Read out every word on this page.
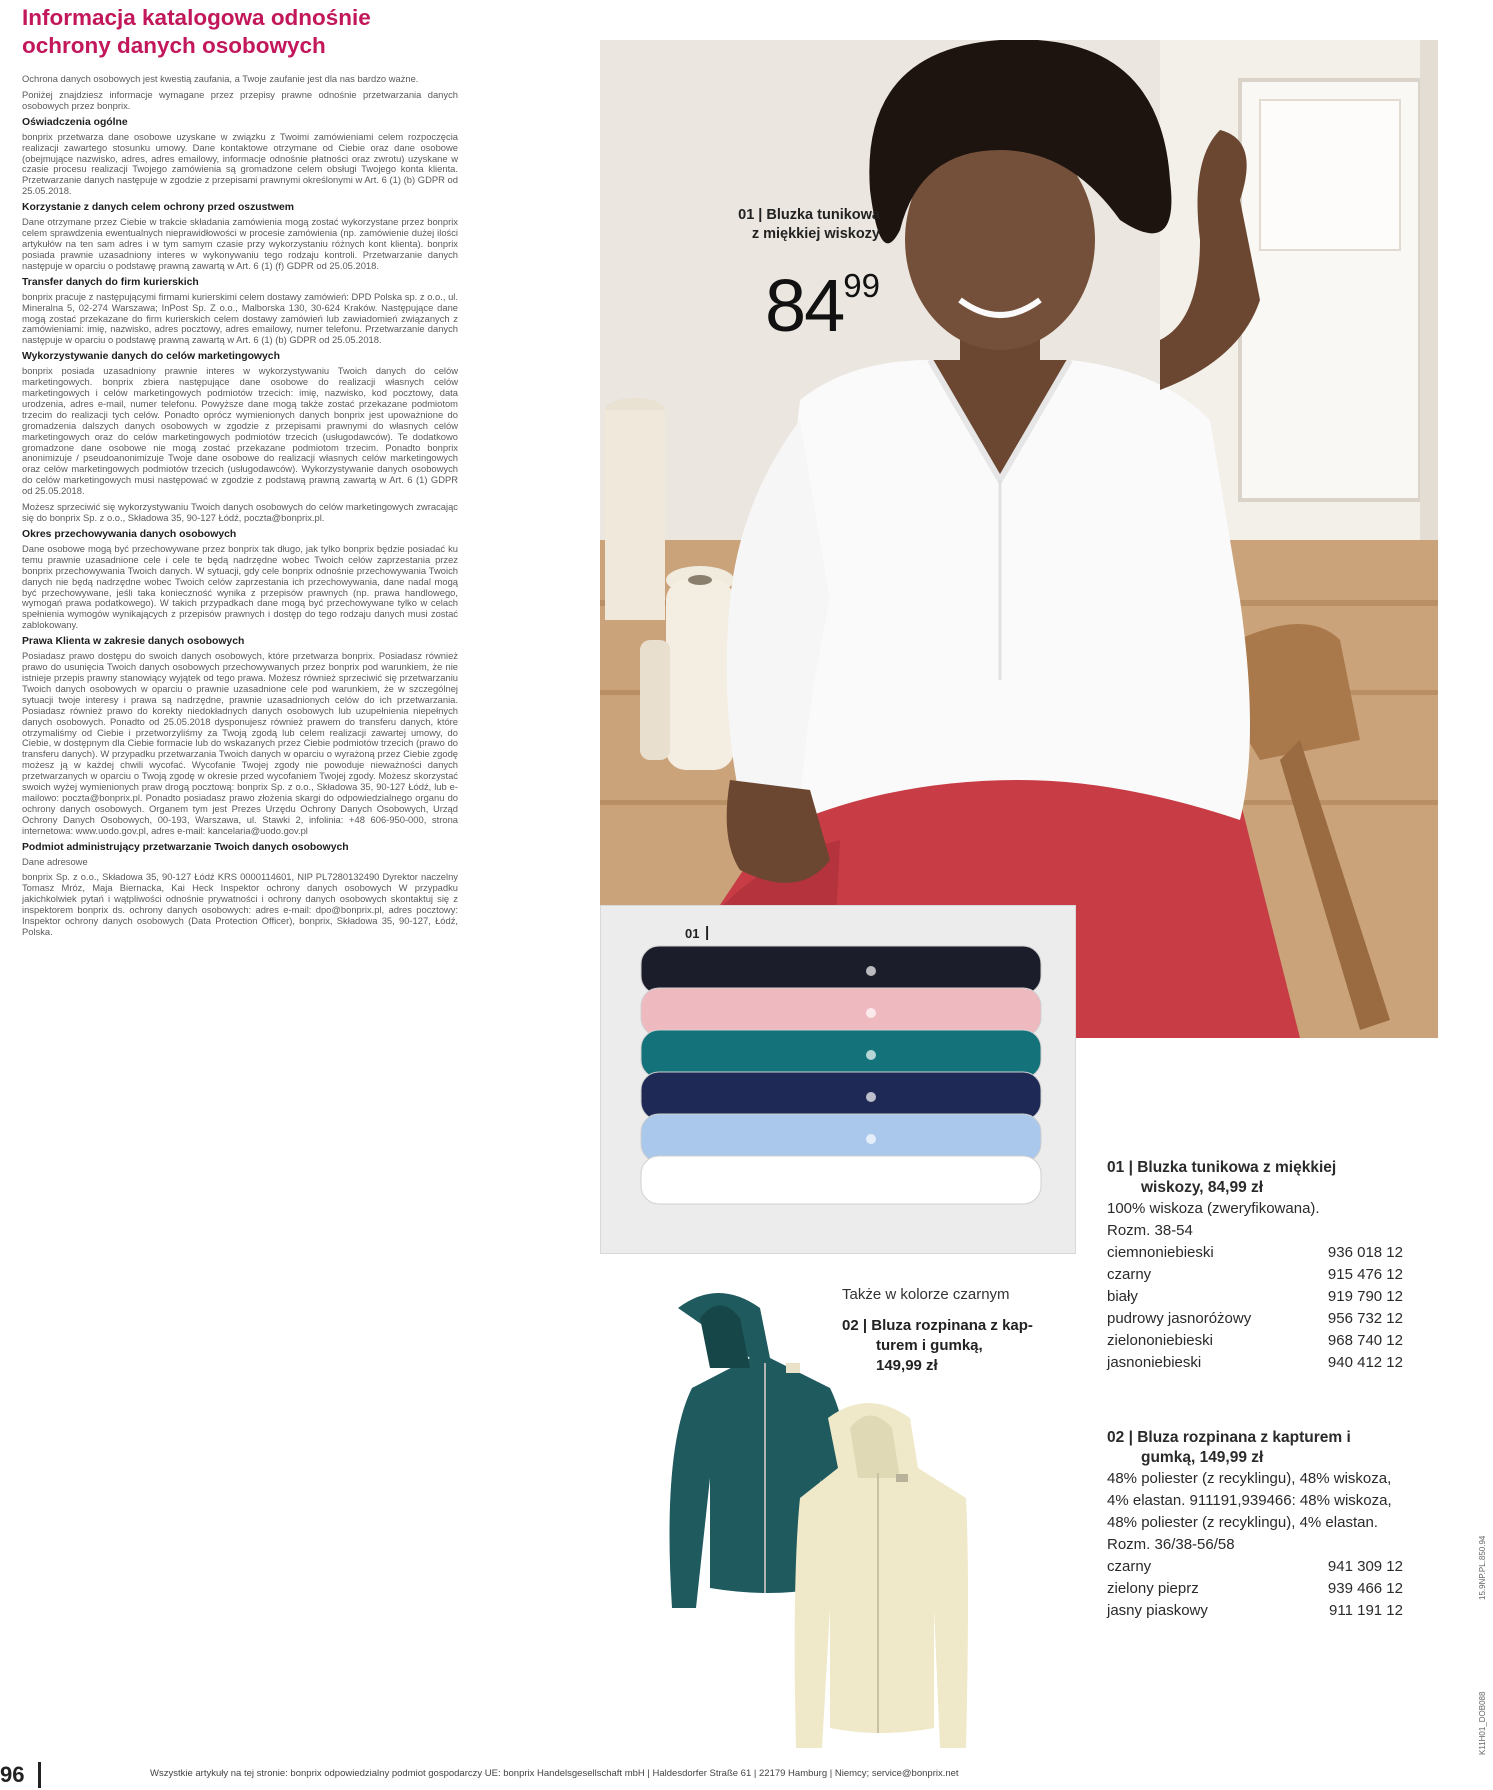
Informacja katalogowa odnośnie
ochrony danych osobowych

Ochrona danych osobowych jest kwestią zaufania, a Twoje zaufanie jest dla nas bardzo ważne.

Poniżej znajdziesz informacje wymagane przez przepisy prawne odnośnie przetwarzania danych osobowych przez bonprix.

Oświadczenia ogólne

bonprix przetwarza dane osobowe uzyskane w związku z Twoimi zamówieniami celem rozpoczęcia realizacji zawartego stosunku umowy. Dane kontaktowe otrzymane od Ciebie oraz dane osobowe (obejmujące nazwisko, adres, adres emailowy, informacje odnośnie płatności oraz zwrotu) uzyskane w czasie procesu realizacji Twojego zamówienia są gromadzone celem obsługi Twojego konta klienta. Przetwarzanie danych następuje w zgodzie z przepisami prawnymi określonymi w Art. 6 (1) (b) GDPR od 25.05.2018.

Korzystanie z danych celem ochrony przed oszustwem

Dane otrzymane przez Ciebie w trakcie składania zamówienia mogą zostać wykorzystane przez bonprix celem sprawdzenia ewentualnych nieprawidłowości w procesie zamówienia (np. zamówienie dużej ilości artykułów na ten sam adres i w tym samym czasie przy wykorzystaniu różnych kont klienta). bonprix posiada prawnie uzasadniony interes w wykonywaniu tego rodzaju kontroli. Przetwarzanie danych następuje w oparciu o podstawę prawną zawartą w Art. 6 (1) (f) GDPR od 25.05.2018.

Transfer danych do firm kurierskich

bonprix pracuje z następującymi firmami kurierskimi celem dostawy zamówień: DPD Polska sp. z o.o., ul. Mineralna 5, 02-274 Warszawa; InPost Sp. Z o.o., Malborska 130, 30-624 Kraków. Następujące dane mogą zostać przekazane do firm kurierskich celem dostawy zamówień lub zawiadomień związanych z zamówieniami: imię, nazwisko, adres pocztowy, adres emailowy, numer telefonu. Przetwarzanie danych następuje w oparciu o podstawę prawną zawartą w Art. 6 (1) (b) GDPR od 25.05.2018.

Wykorzystywanie danych do celów marketingowych

bonprix posiada uzasadniony prawnie interes w wykorzystywaniu Twoich danych do celów marketingowych. bonprix zbiera następujące dane osobowe do realizacji własnych celów marketingowych i celów marketingowych podmiotów trzecich: imię, nazwisko, kod pocztowy, data urodzenia, adres e-mail, numer telefonu. Powyższe dane mogą także zostać przekazane podmiotom trzecim do realizacji tych celów. Ponadto oprócz wymienionych danych bonprix jest upoważnione do gromadzenia dalszych danych osobowych w zgodzie z przepisami prawnymi do własnych celów marketingowych oraz do celów marketingowych podmiotów trzecich (usługodawców). Te dodatkowo gromadzone dane osobowe nie mogą zostać przekazane podmiotom trzecim. Ponadto bonprix anonimizuje / pseudoanonimizuje Twoje dane osobowe do realizacji własnych celów marketingowych oraz celów marketingowych podmiotów trzecich (usługodawców). Wykorzystywanie danych osobowych do celów marketingowych musi następować w zgodzie z podstawą prawną zawartą w Art. 6 (1) GDPR od 25.05.2018.

Możesz sprzeciwić się wykorzystywaniu Twoich danych osobowych do celów marketingowych zwracając się do bonprix Sp. z o.o., Składowa 35, 90-127 Łódź, poczta@bonprix.pl.

Okres przechowywania danych osobowych

Dane osobowe mogą być przechowywane przez bonprix tak długo, jak tylko bonprix będzie posiadać ku temu prawnie uzasadnione cele i cele te będą nadrzędne wobec Twoich celów zaprzestania przez bonprix przechowywania Twoich danych. W sytuacji, gdy cele bonprix odnośnie przechowywania Twoich danych nie będą nadrzędne wobec Twoich celów zaprzestania ich przechowywania, dane nadal mogą być przechowywane, jeśli taka konieczność wynika z przepisów prawnych (np. prawa handlowego, wymogań prawa podatkowego). W takich przypadkach dane mogą być przechowywane tylko w celach spełnienia wymogów wynikających z przepisów prawnych i dostęp do tego rodzaju danych musi zostać zablokowany.

Prawa Klienta w zakresie danych osobowych

Posiadasz prawo dostępu do swoich danych osobowych, które przetwarza bonprix. Posiadasz również prawo do usunięcia Twoich danych osobowych przechowywanych przez bonprix pod warunkiem, że nie istnieje przepis prawny stanowiący wyjątek od tego prawa. Możesz również sprzeciwić się przetwarzaniu Twoich danych osobowych w oparciu o prawnie uzasadnione cele pod warunkiem, że w szczególnej sytuacji twoje interesy i prawa są nadrzędne, prawnie uzasadnionych celów do ich przetwarzania. Posiadasz również prawo do korekty niedokładnych danych osobowych lub uzupełnienia niepełnych danych osobowych. Ponadto od 25.05.2018 dysponujesz również prawem do transferu danych, które otrzymaliśmy od Ciebie i przetworzyliśmy za Twoją zgodą lub celem realizacji zawartej umowy, do Ciebie, w dostępnym dla Ciebie formacie lub do wskazanych przez Ciebie podmiotów trzecich (prawo do transferu danych). W przypadku przetwarzania Twoich danych w oparciu o wyrażoną przez Ciebie zgodę możesz ją w każdej chwili wycofać. Wycofanie Twojej zgody nie powoduje nieważności danych przetwarzanych w oparciu o Twoją zgodę w okresie przed wycofaniem Twojej zgody. Możesz skorzystać swoich wyżej wymienionych praw drogą pocztową: bonprix Sp. z o.o., Składowa 35, 90-127 Łódź, lub e-mailowo: poczta@bonprix.pl. Ponadto posiadasz prawo złożenia skargi do odpowiedzialnego organu do ochrony danych osobowych. Organem tym jest Prezes Urzędu Ochrony Danych Osobowych, Urząd Ochrony Danych Osobowych, 00-193, Warszawa, ul. Stawki 2, infolinia: +48 606-950-000, strona internetowa: www.uodo.gov.pl, adres e-mail: kancelaria@uodo.gov.pl

Podmiot administrujący przetwarzanie Twoich danych osobowych

Dane adresowe

bonprix Sp. z o.o., Składowa 35, 90-127 Łódź KRS 0000114601, NIP PL7280132490 Dyrektor naczelny Tomasz Mróz, Maja Biernacka, Kai Heck Inspektor ochrony danych osobowych W przypadku jakichkolwiek pytań i wątpliwości odnośnie prywatności i ochrony danych osobowych skontaktuj się z inspektorem bonprix ds. ochrony danych osobowych: adres e-mail: dpo@bonprix.pl, adres pocztowy: Inspektor ochrony danych osobowych (Data Protection Officer), bonprix, Składowa 35, 90-127, Łódź, Polska.

01 | Bluzka tunikowa
z miękkiej wiskozy
$84^{99}$
01 |
Także w kolorze czarnym
02 | Bluza rozpinana z kap-
turem i gumką,
149,99 zł
01 | Bluzka tunikowa z miękkiej
wiskozy, 84,99 zł
100% wiskoza (zweryfikowana).
Rozm. 38-54
ciemnoniebieski	936 018 12
czarny	915 476 12
biały	919 790 12
pudrowy jasnoróżowy	956 732 12
zielononiebieski	968 740 12
jasnoniebieski	940 412 12
02 | Bluza rozpinana z kapturem i
gumką, 149,99 zł
48% poliester (z recyklingu), 48% wiskoza, 4% elastan. 911191,939466: 48% wiskoza, 48% poliester (z recyklingu), 4% elastan.
Rozm. 36/38-56/58
czarny	941 309 12
zielony pieprz	939 466 12
jasny piaskowy	911 191 12
96	Wszystkie artykuły na tej stronie: bonprix odpowiedzialny podmiot gospodarczy UE: bonprix Handelsgesellschaft mbH | Haldesdorfer Straße 61 | 22179 Hamburg | Niemcy; service@bonprix.net
15.9NP.PL.850.94
K11H01_DOB088
